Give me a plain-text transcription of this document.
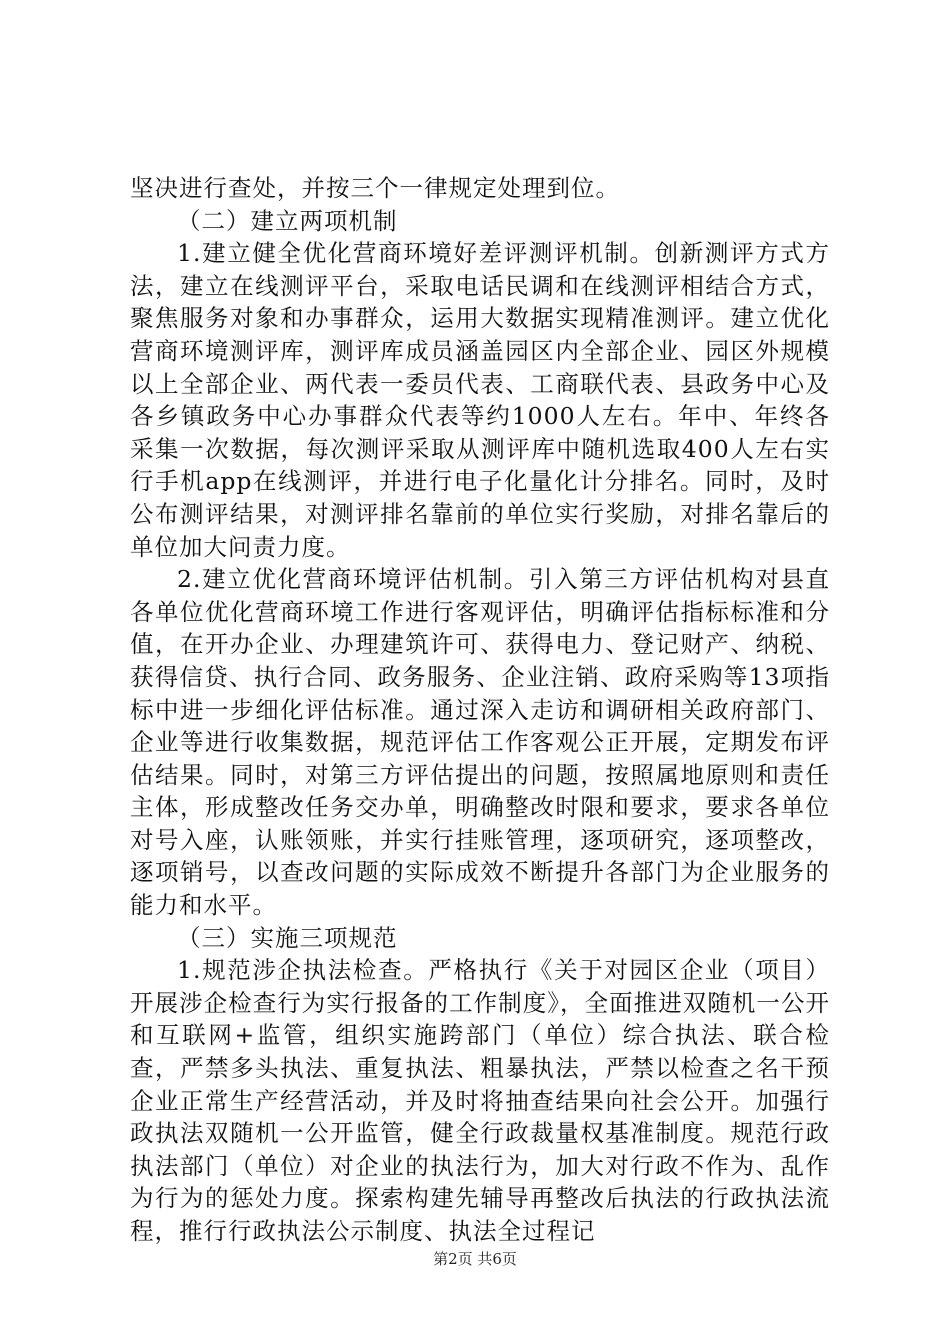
坚决进行查处，并按三个一律规定处理到位。

（二）建立两项机制

1.建立健全优化营商环境好差评测评机制。创新测评方式方法，建立在线测评平台，采取电话民调和在线测评相结合方式，聚焦服务对象和办事群众，运用大数据实现精准测评。建立优化营商环境测评库，测评库成员涵盖园区内全部企业、园区外规模以上全部企业、两代表一委员代表、工商联代表、县政务中心及各乡镇政务中心办事群众代表等约1000人左右。年中、年终各采集一次数据，每次测评采取从测评库中随机选取400人左右实行手机app在线测评，并进行电子化量化计分排名。同时，及时公布测评结果，对测评排名靠前的单位实行奖励，对排名靠后的单位加大问责力度。

2.建立优化营商环境评估机制。引入第三方评估机构对县直各单位优化营商环境工作进行客观评估，明确评估指标标准和分值，在开办企业、办理建筑许可、获得电力、登记财产、纳税、获得信贷、执行合同、政务服务、企业注销、政府采购等13项指标中进一步细化评估标准。通过深入走访和调研相关政府部门、企业等进行收集数据，规范评估工作客观公正开展，定期发布评估结果。同时，对第三方评估提出的问题，按照属地原则和责任主体，形成整改任务交办单，明确整改时限和要求，要求各单位对号入座，认账领账，并实行挂账管理，逐项研究，逐项整改，逐项销号，以查改问题的实际成效不断提升各部门为企业服务的能力和水平。

（三）实施三项规范

1.规范涉企执法检查。严格执行《关于对园区企业（项目）开展涉企检查行为实行报备的工作制度》，全面推进双随机一公开和互联网+监管，组织实施跨部门（单位）综合执法、联合检查，严禁多头执法、重复执法、粗暴执法，严禁以检查之名干预企业正常生产经营活动，并及时将抽查结果向社会公开。加强行政执法双随机一公开监管，健全行政裁量权基准制度。规范行政执法部门（单位）对企业的执法行为，加大对行政不作为、乱作为行为的惩处力度。探索构建先辅导再整改后执法的行政执法流程，推行行政执法公示制度、执法全过程记

第2页 共6页
